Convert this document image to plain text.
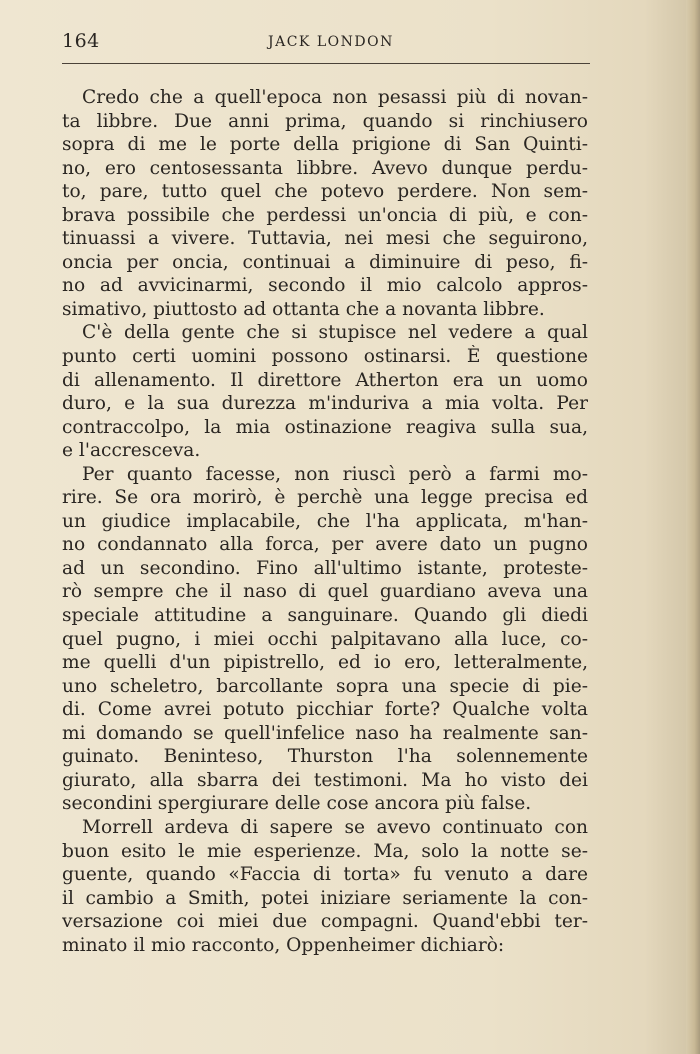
164	JACK LONDON
Credo che a quell'epoca non pesassi più di novan-
ta libbre. Due anni prima, quando si rinchiusero
sopra di me le porte della prigione di San Quinti-
no, ero centosessanta libbre. Avevo dunque perdu-
to, pare, tutto quel che potevo perdere. Non sem-
brava possibile che perdessi un'oncia di più, e con-
tinuassi a vivere. Tuttavia, nei mesi che seguirono,
oncia per oncia, continuai a diminuire di peso, fi-
no ad avvicinarmi, secondo il mio calcolo appros-
simativo, piuttosto ad ottanta che a novanta libbre.
C'è della gente che si stupisce nel vedere a qual
punto certi uomini possono ostinarsi. È questione
di allenamento. Il direttore Atherton era un uomo
duro, e la sua durezza m'induriva a mia volta. Per
contraccolpo, la mia ostinazione reagiva sulla sua,
e l'accresceva.
Per quanto facesse, non riuscì però a farmi mo-
rire. Se ora morirò, è perchè una legge precisa ed
un giudice implacabile, che l'ha applicata, m'han-
no condannato alla forca, per avere dato un pugno
ad un secondino. Fino all'ultimo istante, proteste-
rò sempre che il naso di quel guardiano aveva una
speciale attitudine a sanguinare. Quando gli diedi
quel pugno, i miei occhi palpitavano alla luce, co-
me quelli d'un pipistrello, ed io ero, letteralmente,
uno scheletro, barcollante sopra una specie di pie-
di. Come avrei potuto picchiar forte? Qualche volta
mi domando se quell'infelice naso ha realmente san-
guinato. Beninteso, Thurston l'ha solennemente
giurato, alla sbarra dei testimoni. Ma ho visto dei
secondini spergiurare delle cose ancora più false.
Morrell ardeva di sapere se avevo continuato con
buon esito le mie esperienze. Ma, solo la notte se-
guente, quando «Faccia di torta» fu venuto a dare
il cambio a Smith, potei iniziare seriamente la con-
versazione coi miei due compagni. Quand'ebbi ter-
minato il mio racconto, Oppenheimer dichiarò:
